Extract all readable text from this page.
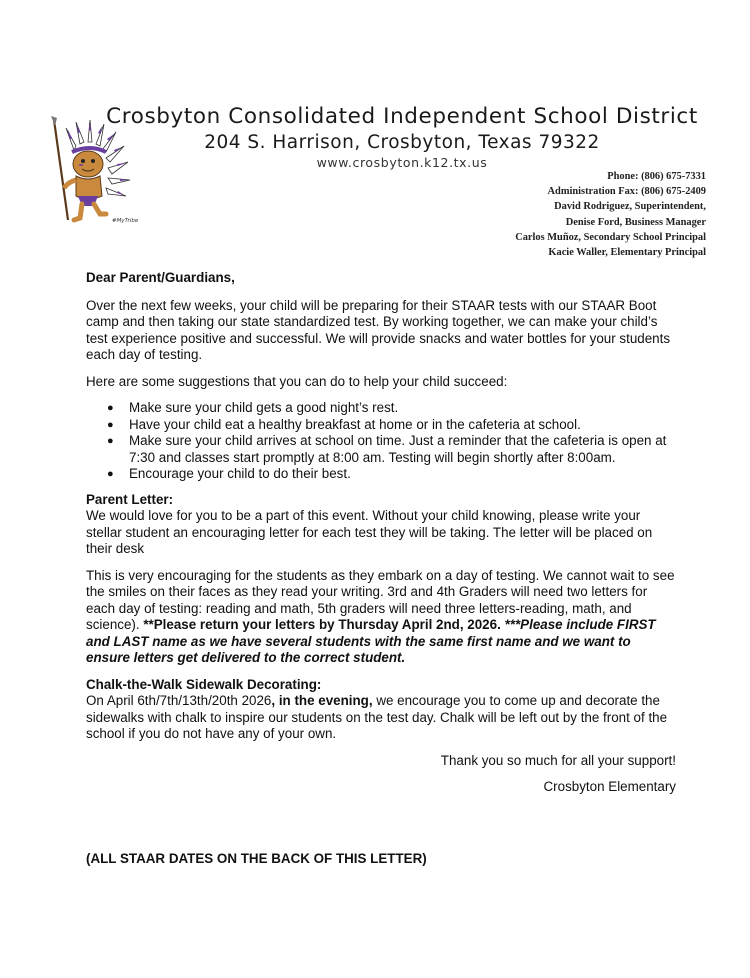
Crosbyton Consolidated Independent School District
204 S. Harrison, Crosbyton, Texas 79322
www.crosbyton.k12.tx.us
#MyTribe
Phone: (806) 675-7331
Administration Fax: (806) 675-2409
David Rodriguez, Superintendent,
Denise Ford, Business Manager
Carlos Muñoz, Secondary School Principal
Kacie Waller, Elementary Principal

Dear Parent/Guardians,

Over the next few weeks, your child will be preparing for their STAAR tests with our STAAR Boot camp and then taking our state standardized test. By working together, we can make your child’s test experience positive and successful. We will provide snacks and water bottles for your students each day of testing.

Here are some suggestions that you can do to help your child succeed:

● Make sure your child gets a good night’s rest.
● Have your child eat a healthy breakfast at home or in the cafeteria at school.
● Make sure your child arrives at school on time. Just a reminder that the cafeteria is open at 7:30 and classes start promptly at 8:00 am. Testing will begin shortly after 8:00am.
● Encourage your child to do their best.

Parent Letter:
We would love for you to be a part of this event. Without your child knowing, please write your stellar student an encouraging letter for each test they will be taking. The letter will be placed on their desk

This is very encouraging for the students as they embark on a day of testing. We cannot wait to see the smiles on their faces as they read your writing. 3rd and 4th Graders will need two letters for each day of testing: reading and math, 5th graders will need three letters-reading, math, and science). **Please return your letters by Thursday April 2nd, 2026. ***Please include FIRST and LAST name as we have several students with the same first name and we want to ensure letters get delivered to the correct student.

Chalk-the-Walk Sidewalk Decorating:
On April 6th/7th/13th/20th 2026, in the evening, we encourage you to come up and decorate the sidewalks with chalk to inspire our students on the test day. Chalk will be left out by the front of the school if you do not have any of your own.

Thank you so much for all your support!

Crosbyton Elementary

(ALL STAAR DATES ON THE BACK OF THIS LETTER)
